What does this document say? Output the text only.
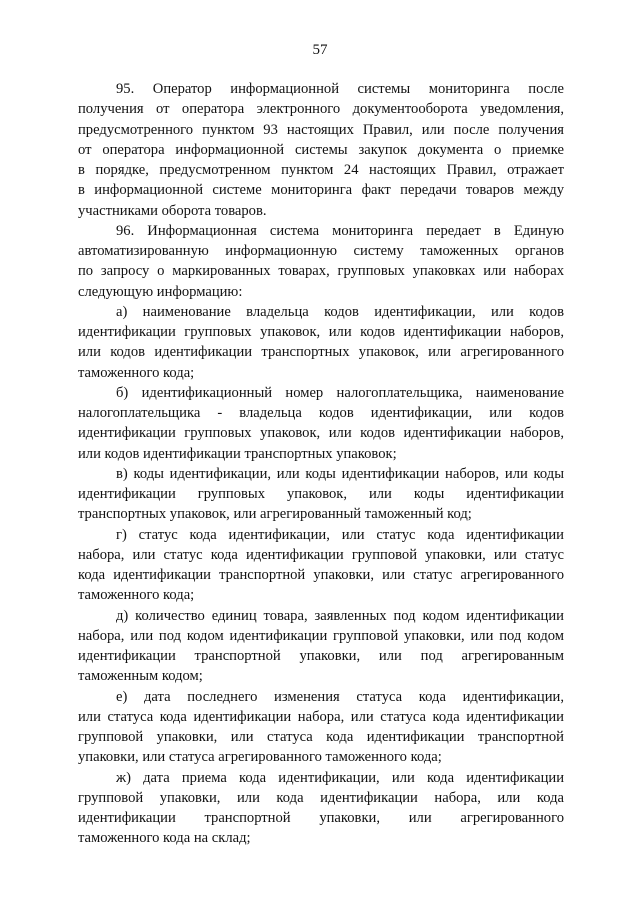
57
95. Оператор информационной системы мониторинга после
получения от оператора электронного документооборота уведомления,
предусмотренного пунктом 93 настоящих Правил, или после получения
от оператора информационной системы закупок документа о приемке
в порядке, предусмотренном пунктом 24 настоящих Правил, отражает
в информационной системе мониторинга факт передачи товаров между
участниками оборота товаров.
96. Информационная система мониторинга передает в Единую
автоматизированную информационную систему таможенных органов
по запросу о маркированных товарах, групповых упаковках или наборах
следующую информацию:
а) наименование владельца кодов идентификации, или кодов
идентификации групповых упаковок, или кодов идентификации наборов,
или кодов идентификации транспортных упаковок, или агрегированного
таможенного кода;
б) идентификационный номер налогоплательщика, наименование
налогоплательщика - владельца кодов идентификации, или кодов
идентификации групповых упаковок, или кодов идентификации наборов,
или кодов идентификации транспортных упаковок;
в) коды идентификации, или коды идентификации наборов, или коды
идентификации групповых упаковок, или коды идентификации
транспортных упаковок, или агрегированный таможенный код;
г) статус кода идентификации, или статус кода идентификации
набора, или статус кода идентификации групповой упаковки, или статус
кода идентификации транспортной упаковки, или статус агрегированного
таможенного кода;
д) количество единиц товара, заявленных под кодом идентификации
набора, или под кодом идентификации групповой упаковки, или под кодом
идентификации транспортной упаковки, или под агрегированным
таможенным кодом;
е) дата последнего изменения статуса кода идентификации,
или статуса кода идентификации набора, или статуса кода идентификации
групповой упаковки, или статуса кода идентификации транспортной
упаковки, или статуса агрегированного таможенного кода;
ж) дата приема кода идентификации, или кода идентификации
групповой упаковки, или кода идентификации набора, или кода
идентификации транспортной упаковки, или агрегированного
таможенного кода на склад;
